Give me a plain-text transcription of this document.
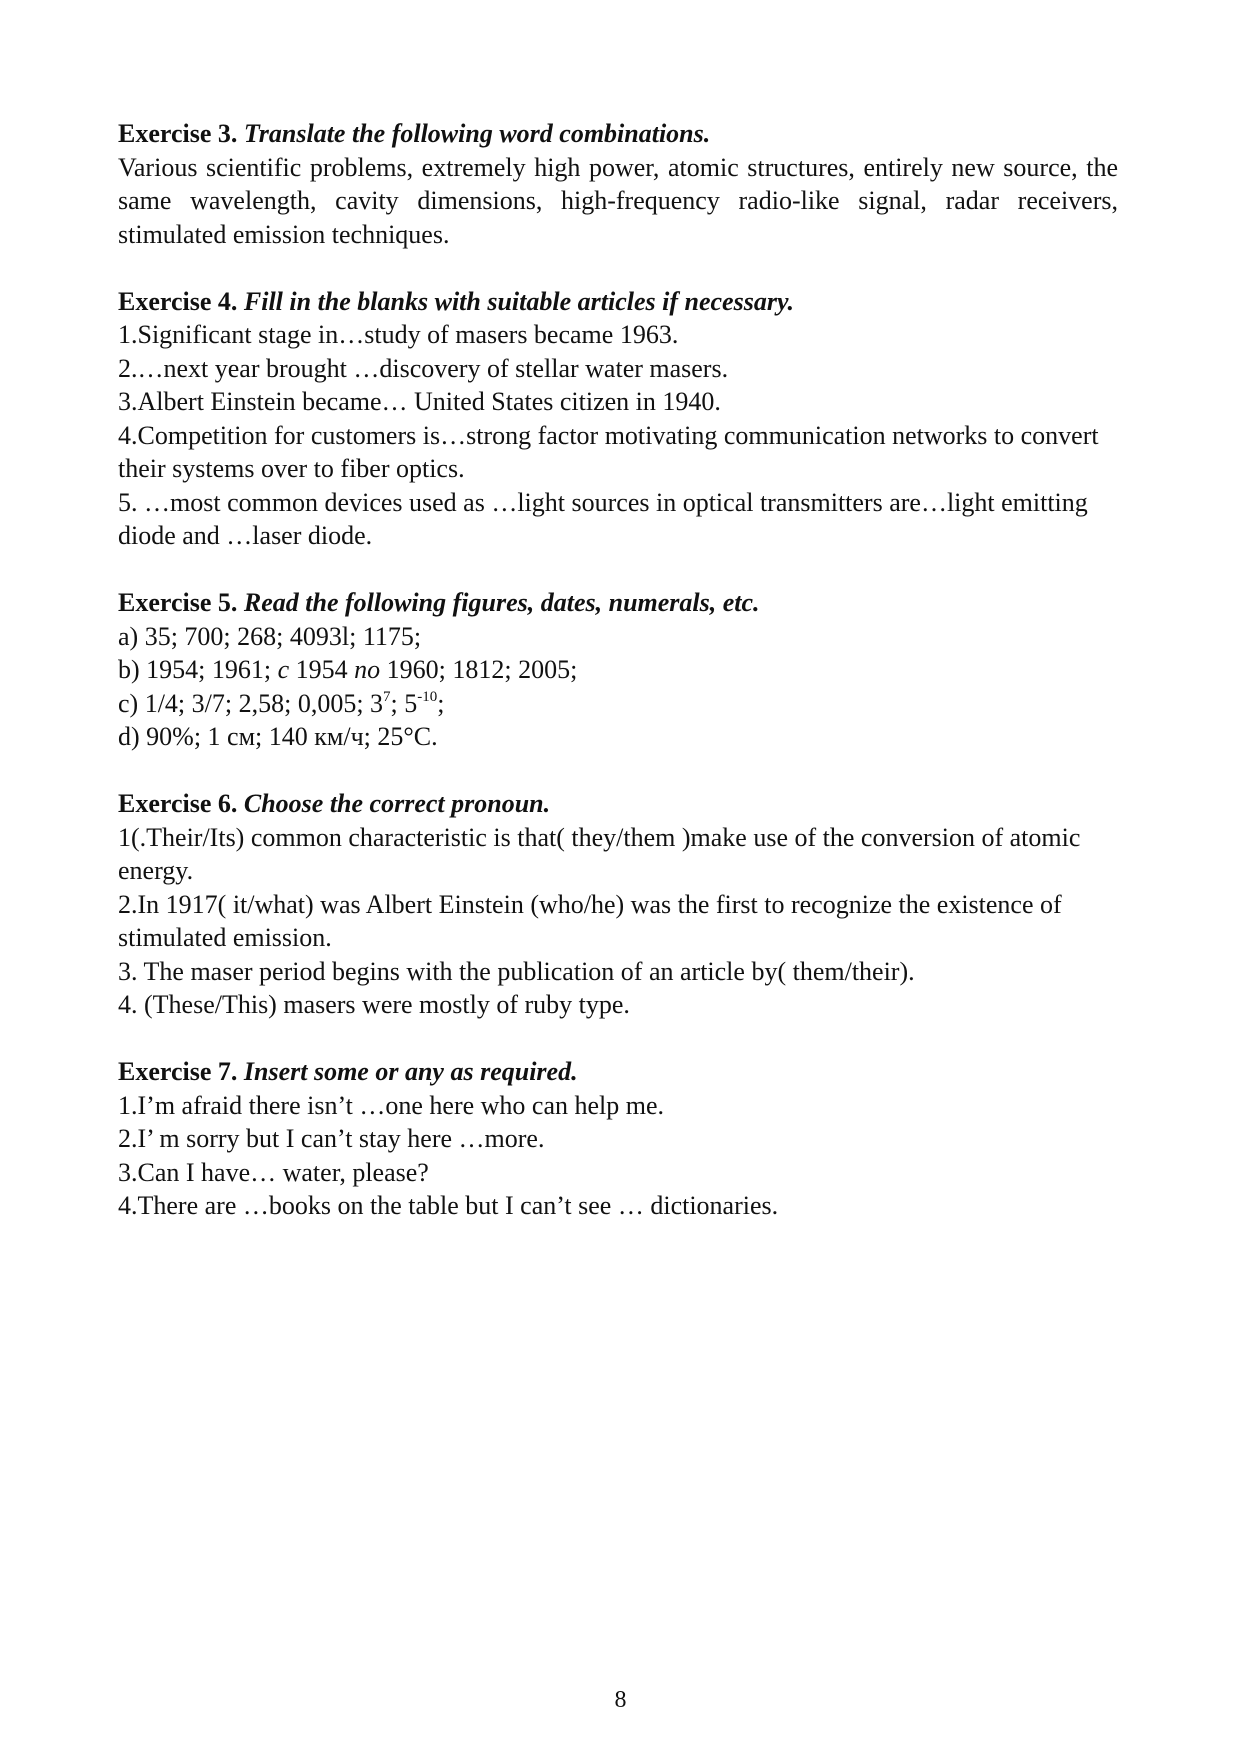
Exercise 3. Translate the following word combinations.

Various scientific problems, extremely high power, atomic structures, entirely new source, the same wavelength, cavity dimensions, high-frequency radio-like signal, radar receivers, stimulated emission techniques.

Exercise 4. Fill in the blanks with suitable articles if necessary.

1.Significant stage in…study of masers became 1963.

2.…next year brought …discovery of stellar water masers.

3.Albert Einstein became… United States citizen in 1940.

4.Competition for customers is…strong factor motivating communication networks to convert their systems over to fiber optics.

5. …most common devices used as …light sources in optical transmitters are…light emitting diode and …laser diode.

Exercise 5. Read the following figures, dates, numerals, etc.

a) 35; 700; 268; 4093l; 1175;

b) 1954; 1961; с 1954 по 1960; 1812; 2005;

c) 1/4; 3/7; 2,58; 0,005; $3^7$; $5^{-10}$;

d) 90%; 1 см; 140 км/ч; 25°C.

Exercise 6. Choose the correct pronoun.

1(.Their/Its) common characteristic is that( they/them )make use of the conversion of atomic energy.

2.In 1917( it/what) was Albert Einstein (who/he) was the first to recognize the existence of stimulated emission.

3. The maser period begins with the publication of an article by( them/their).

4. (These/This) masers were mostly of ruby type.

Exercise 7. Insert some or any as required.

1.I’m afraid there isn’t …one here who can help me.

2.I’ m sorry but I can’t stay here …more.

3.Can I have… water, please?

4.There are …books on the table but I can’t see … dictionaries.

8
